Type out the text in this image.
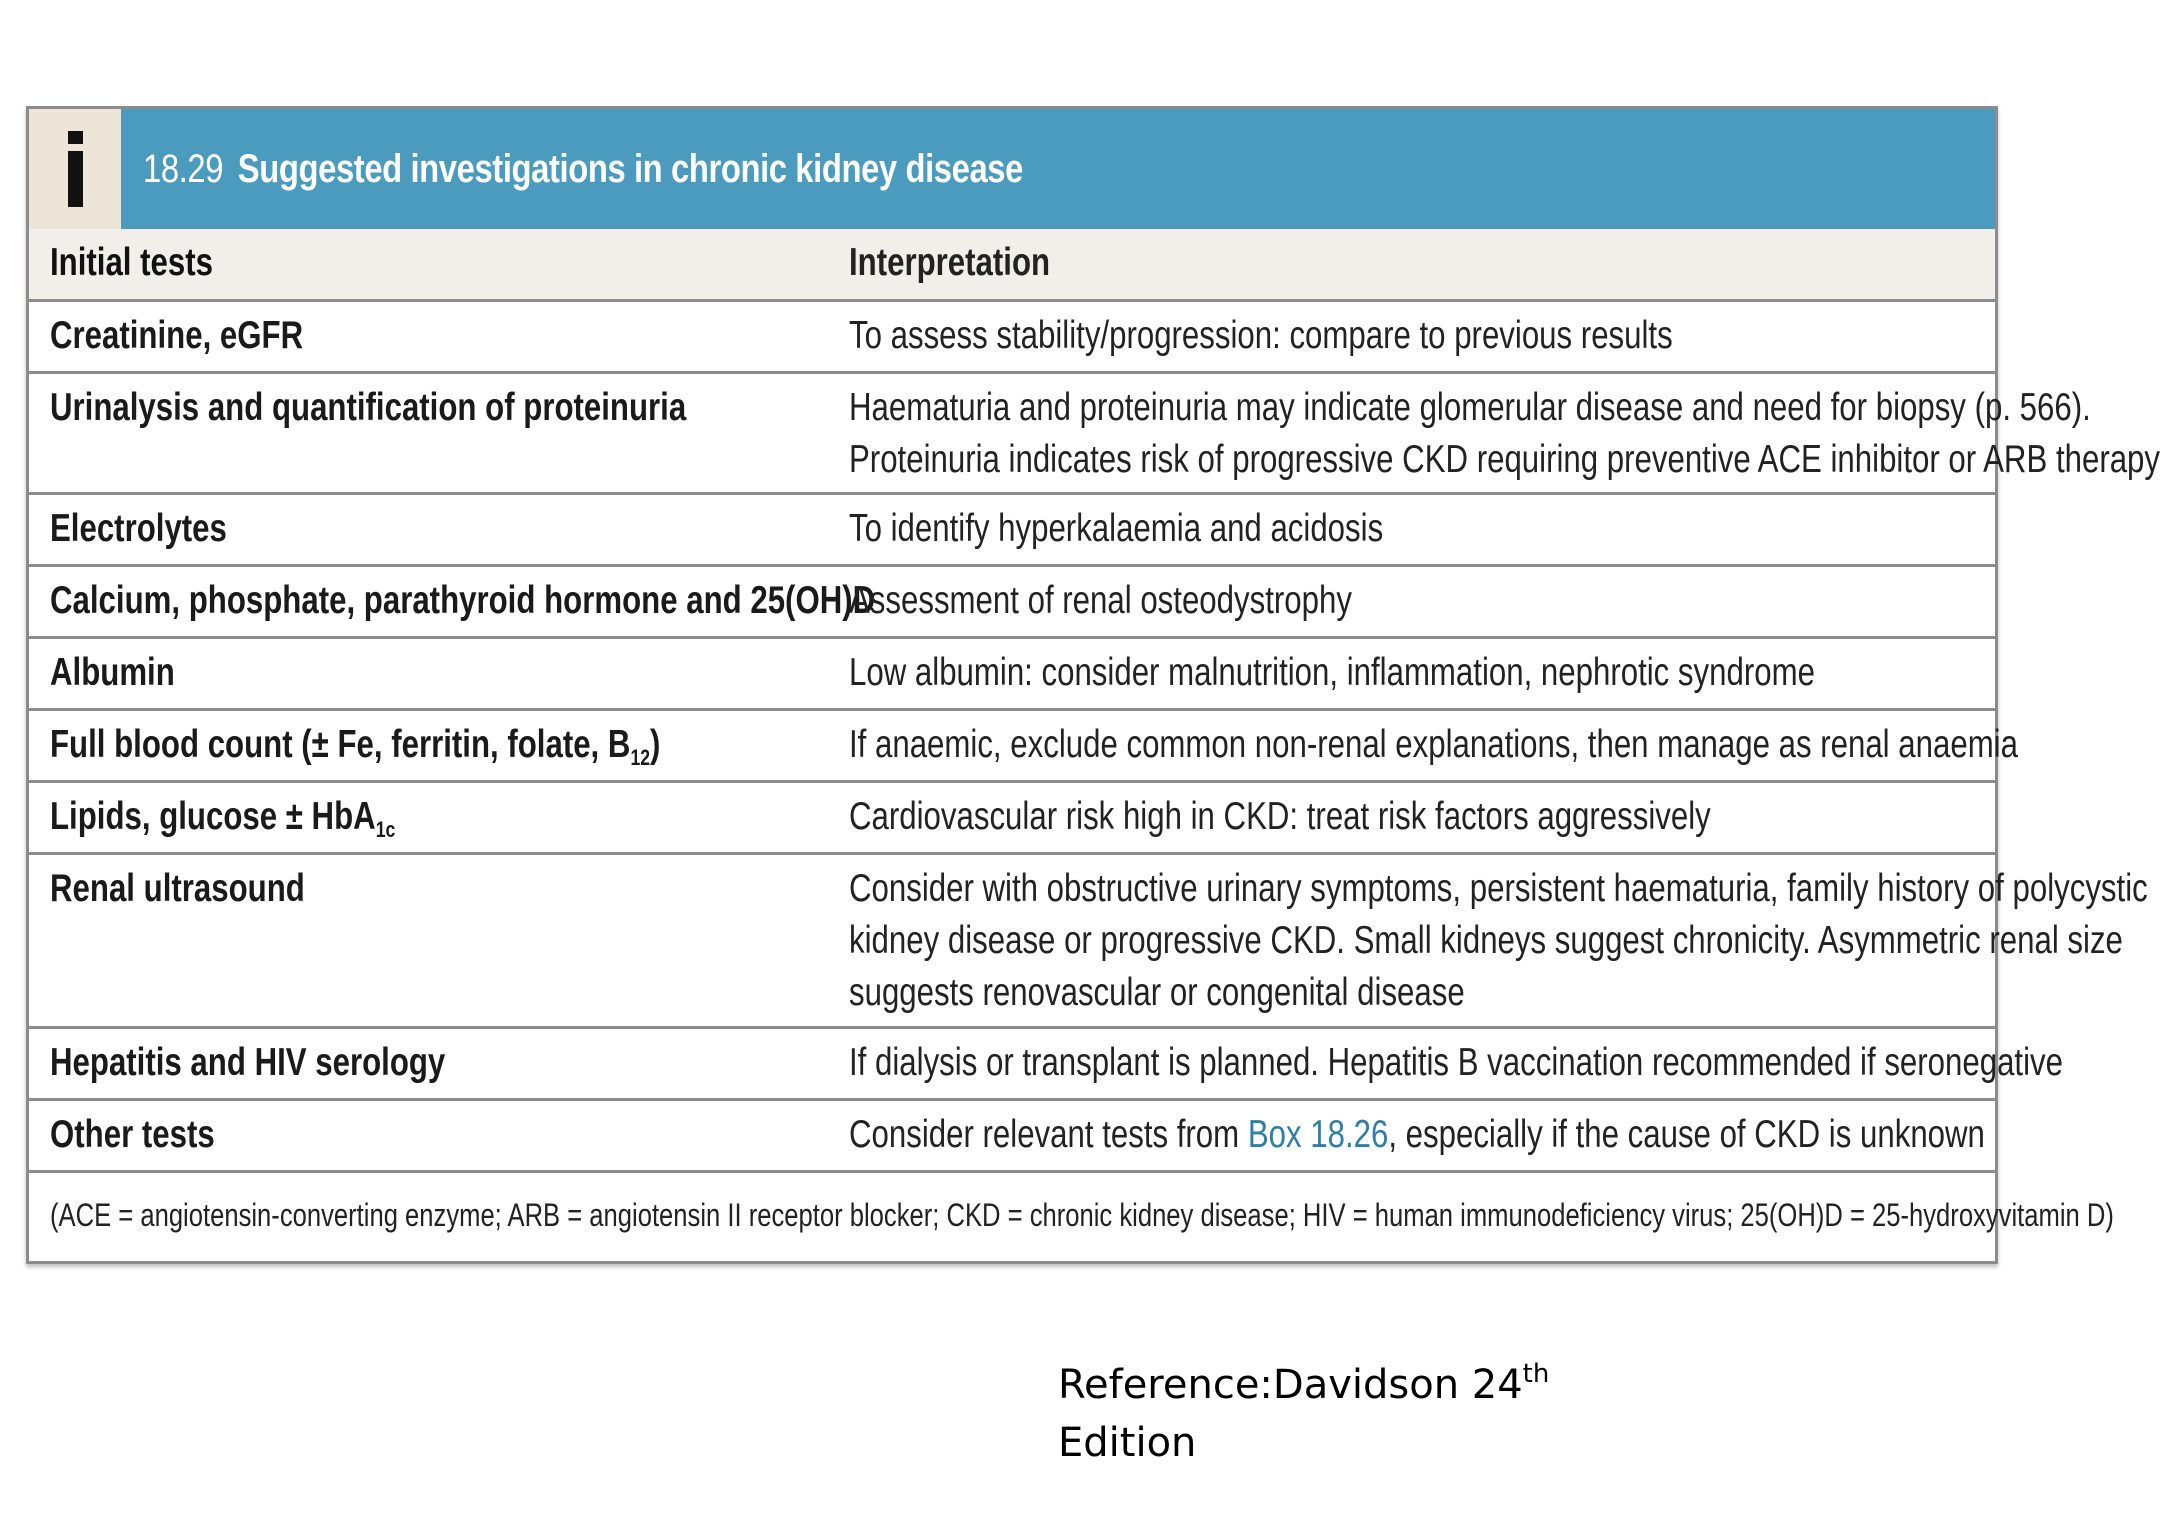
18.29 Suggested investigations in chronic kidney disease
Initial tests	Interpretation

Creatinine, eGFR	To assess stability/progression: compare to previous results

Urinalysis and quantification of proteinuria	Haematuria and proteinuria may indicate glomerular disease and need for biopsy (p. 566).
Proteinuria indicates risk of progressive CKD requiring preventive ACE inhibitor or ARB therapy

Electrolytes	To identify hyperkalaemia and acidosis

Calcium, phosphate, parathyroid hormone and 25(OH)D	Assessment of renal osteodystrophy

Albumin	Low albumin: consider malnutrition, inflammation, nephrotic syndrome

Full blood count (± Fe, ferritin, folate, $B_{12}$)	If anaemic, exclude common non-renal explanations, then manage as renal anaemia

Lipids, glucose ± HbA$_{1c}$	Cardiovascular risk high in CKD: treat risk factors aggressively

Renal ultrasound	Consider with obstructive urinary symptoms, persistent haematuria, family history of polycystic
kidney disease or progressive CKD. Small kidneys suggest chronicity. Asymmetric renal size
suggests renovascular or congenital disease

Hepatitis and HIV serology	If dialysis or transplant is planned. Hepatitis B vaccination recommended if seronegative

Other tests	Consider relevant tests from Box 18.26, especially if the cause of CKD is unknown
(ACE = angiotensin-converting enzyme; ARB = angiotensin II receptor blocker; CKD = chronic kidney disease; HIV = human immunodeficiency virus; 25(OH)D = 25-hydroxyvitamin D)
Reference:Davidson 24th
Edition
